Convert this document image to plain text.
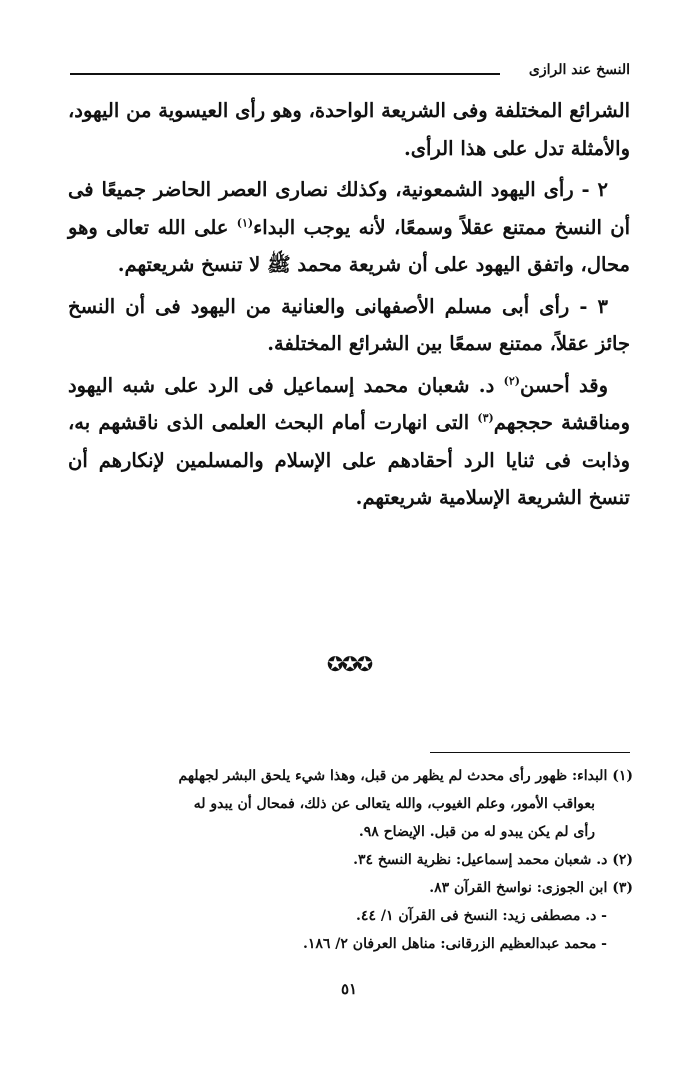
النسخ عند الرازى

الشرائع المختلفة وفى الشريعة الواحدة، وهو رأى العيسوية من اليهود، والأمثلة تدل على هذا الرأى.

٢ - رأى اليهود الشمعونية، وكذلك نصارى العصر الحاضر جميعًا فى أن النسخ ممتنع عقلاً وسمعًا، لأنه يوجب البداء$^{(١)}$ على الله تعالى وهو محال، واتفق اليهود على أن شريعة محمد ﷺ لا تنسخ شريعتهم.

٣ - رأى أبى مسلم الأصفهانى والعنانية من اليهود فى أن النسخ جائز عقلاً، ممتنع سمعًا بين الشرائع المختلفة.

وقد أحسن$^{(٢)}$ د. شعبان محمد إسماعيل فى الرد على شبه اليهود ومناقشة حججهم$^{(٣)}$ التى انهارت أمام البحث العلمى الذى ناقشهم به، وذابت فى ثنايا الرد أحقادهم على الإسلام والمسلمين لإنكارهم أن تنسخ الشريعة الإسلامية شريعتهم.

✪✪✪

(١) البداء: ظهور رأى محدث لم يظهر من قبل، وهذا شيء يلحق البشر لجهلهم

بعواقب الأمور، وعلم الغيوب، والله يتعالى عن ذلك، فمحال أن يبدو له

رأى لم يكن يبدو له من قبل. الإيضاح ٩٨.

(٢) د. شعبان محمد إسماعيل: نظرية النسخ ٣٤.

(٣) ابن الجوزى: نواسخ القرآن ٨٣.

- د. مصطفى زيد: النسخ فى القرآن ١/ ٤٤.

- محمد عبدالعظيم الزرقانى: مناهل العرفان ٢/ ١٨٦.

٥١
